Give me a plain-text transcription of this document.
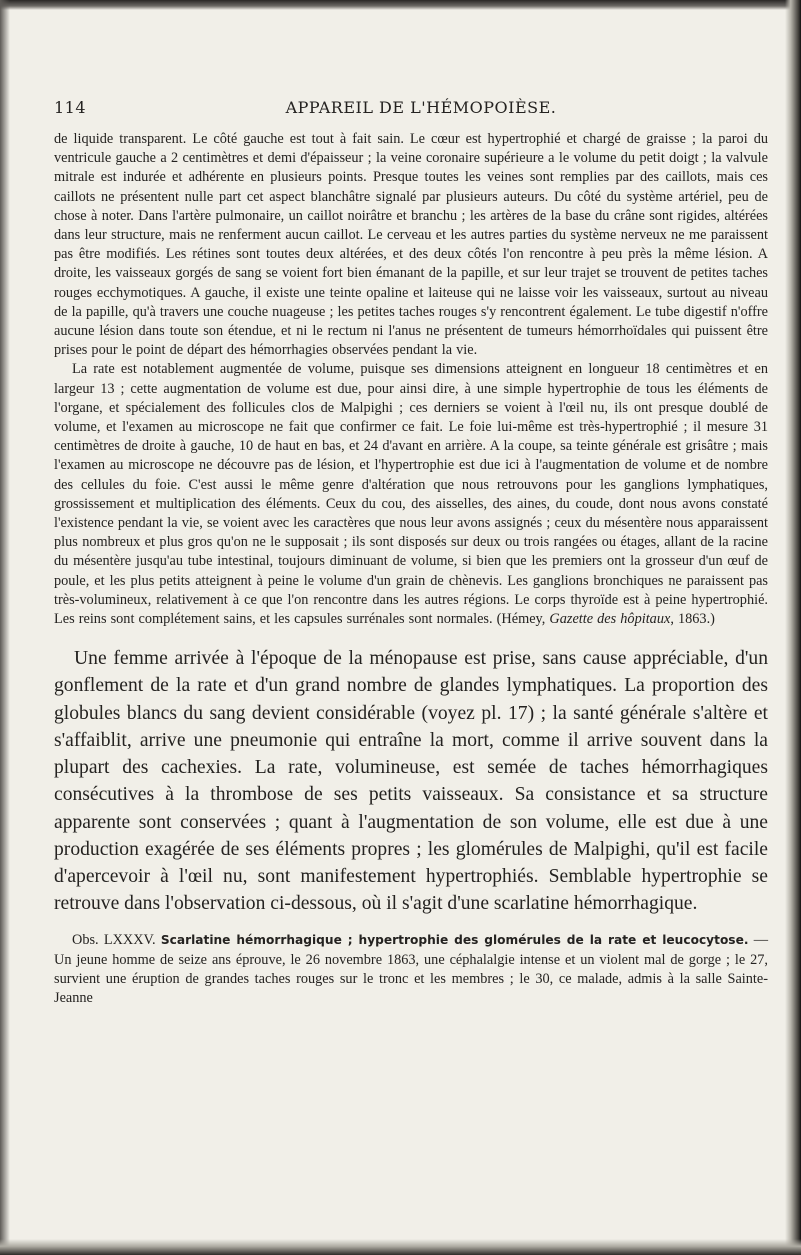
114	APPAREIL DE L'HÉMOPOIÈSE.

de liquide transparent. Le côté gauche est tout à fait sain. Le cœur est hypertrophié et chargé de graisse ; la paroi du ventricule gauche a 2 centimètres et demi d'épaisseur ; la veine coronaire supérieure a le volume du petit doigt ; la valvule mitrale est indurée et adhérente en plusieurs points. Presque toutes les veines sont remplies par des caillots, mais ces caillots ne présentent nulle part cet aspect blanchâtre signalé par plusieurs auteurs. Du côté du système artériel, peu de chose à noter. Dans l'artère pulmonaire, un caillot noirâtre et branchu ; les artères de la base du crâne sont rigides, altérées dans leur structure, mais ne renferment aucun caillot. Le cerveau et les autres parties du système nerveux ne me paraissent pas être modifiés. Les rétines sont toutes deux altérées, et des deux côtés l'on rencontre à peu près la même lésion. A droite, les vaisseaux gorgés de sang se voient fort bien émanant de la papille, et sur leur trajet se trouvent de petites taches rouges ecchymotiques. A gauche, il existe une teinte opaline et laiteuse qui ne laisse voir les vaisseaux, surtout au niveau de la papille, qu'à travers une couche nuageuse ; les petites taches rouges s'y rencontrent également. Le tube digestif n'offre aucune lésion dans toute son étendue, et ni le rectum ni l'anus ne présentent de tumeurs hémorrhoïdales qui puissent être prises pour le point de départ des hémorrhagies observées pendant la vie.

La rate est notablement augmentée de volume, puisque ses dimensions atteignent en longueur 18 centimètres et en largeur 13 ; cette augmentation de volume est due, pour ainsi dire, à une simple hypertrophie de tous les éléments de l'organe, et spécialement des follicules clos de Malpighi ; ces derniers se voient à l'œil nu, ils ont presque doublé de volume, et l'examen au microscope ne fait que confirmer ce fait. Le foie lui-même est très-hypertrophié ; il mesure 31 centimètres de droite à gauche, 10 de haut en bas, et 24 d'avant en arrière. A la coupe, sa teinte générale est grisâtre ; mais l'examen au microscope ne découvre pas de lésion, et l'hypertrophie est due ici à l'augmentation de volume et de nombre des cellules du foie. C'est aussi le même genre d'altération que nous retrouvons pour les ganglions lymphatiques, grossissement et multiplication des éléments. Ceux du cou, des aisselles, des aines, du coude, dont nous avons constaté l'existence pendant la vie, se voient avec les caractères que nous leur avons assignés ; ceux du mésentère nous apparaissent plus nombreux et plus gros qu'on ne le supposait ; ils sont disposés sur deux ou trois rangées ou étages, allant de la racine du mésentère jusqu'au tube intestinal, toujours diminuant de volume, si bien que les premiers ont la grosseur d'un œuf de poule, et les plus petits atteignent à peine le volume d'un grain de chènevis. Les ganglions bronchiques ne paraissent pas très-volumineux, relativement à ce que l'on rencontre dans les autres régions. Le corps thyroïde est à peine hypertrophié. Les reins sont complétement sains, et les capsules surrénales sont normales. (Hémey, Gazette des hôpitaux, 1863.)

Une femme arrivée à l'époque de la ménopause est prise, sans cause appréciable, d'un gonflement de la rate et d'un grand nombre de glandes lymphatiques. La proportion des globules blancs du sang devient considérable (voyez pl. 17) ; la santé générale s'altère et s'affaiblit, arrive une pneumonie qui entraîne la mort, comme il arrive souvent dans la plupart des cachexies. La rate, volumineuse, est semée de taches hémorrhagiques consécutives à la thrombose de ses petits vaisseaux. Sa consistance et sa structure apparente sont conservées ; quant à l'augmentation de son volume, elle est due à une production exagérée de ses éléments propres ; les glomérules de Malpighi, qu'il est facile d'apercevoir à l'œil nu, sont manifestement hypertrophiés. Semblable hypertrophie se retrouve dans l'observation ci-dessous, où il s'agit d'une scarlatine hémorrhagique.

Obs. LXXXV. Scarlatine hémorrhagique ; hypertrophie des glomérules de la rate et leucocytose. — Un jeune homme de seize ans éprouve, le 26 novembre 1863, une céphalalgie intense et un violent mal de gorge ; le 27, survient une éruption de grandes taches rouges sur le tronc et les membres ; le 30, ce malade, admis à la salle Sainte-Jeanne
